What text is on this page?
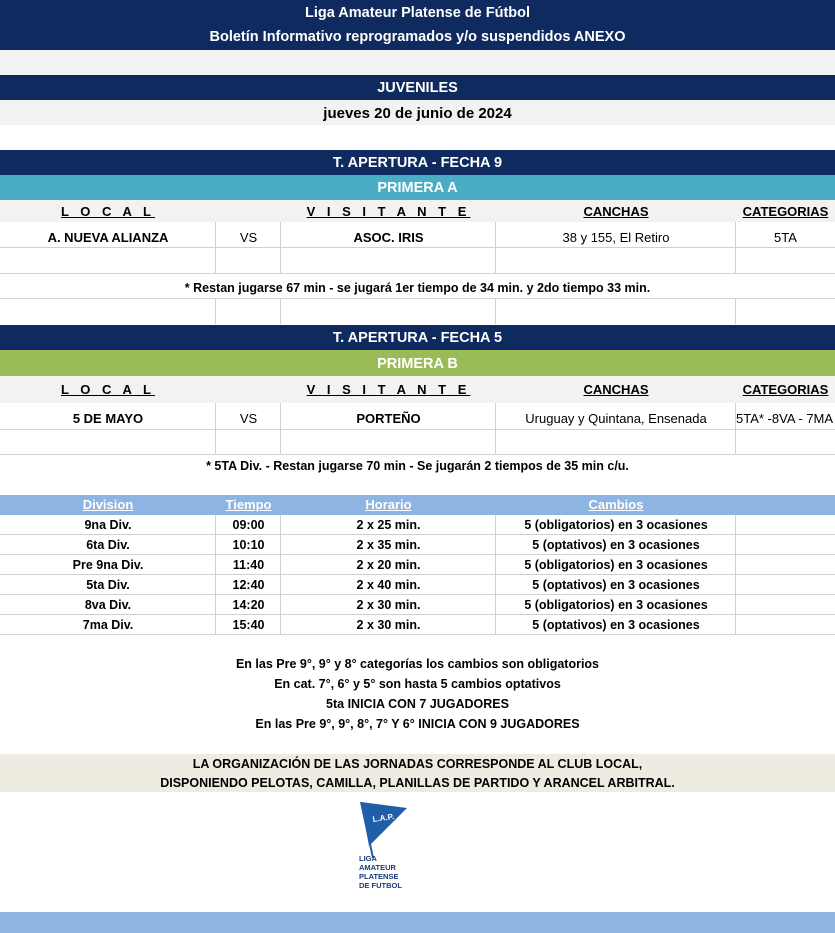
Liga Amateur Platense de Fútbol
Boletín Informativo reprogramados y/o suspendidos ANEXO
JUVENILES
jueves 20 de junio de 2024
T. APERTURA - FECHA 9
PRIMERA A
L O C A L	V I S I T A N T E	CANCHAS	CATEGORIAS
A. NUEVA ALIANZA	VS	ASOC. IRIS	38 y 155, El Retiro	5TA
* Restan jugarse 67 min - se jugará 1er tiempo de 34 min. y 2do tiempo 33 min.
T. APERTURA - FECHA 5
PRIMERA B
L O C A L	V I S I T A N T E	CANCHAS	CATEGORIAS
5 DE MAYO	VS	PORTEÑO	Uruguay y Quintana, Ensenada	5TA* -8VA - 7MA
* 5TA Div. - Restan jugarse 70 min - Se jugarán 2 tiempos de 35 min c/u.
Division	Tiempo	Horario	Cambios
9na Div.	09:00	2 x 25 min.	5 (obligatorios) en 3 ocasiones
6ta Div.	10:10	2 x 35 min.	5 (optativos) en 3 ocasiones
Pre 9na Div.	11:40	2 x 20 min.	5 (obligatorios) en 3 ocasiones
5ta Div.	12:40	2 x 40 min.	5 (optativos) en 3 ocasiones
8va Div.	14:20	2 x 30 min.	5 (obligatorios) en 3 ocasiones
7ma Div.	15:40	2 x 30 min.	5 (optativos) en 3 ocasiones
En las Pre 9°, 9° y 8° categorías los cambios son obligatorios
En cat. 7°, 6° y 5° son hasta 5 cambios optativos
5ta INICIA CON 7 JUGADORES
En las Pre 9°, 9°, 8°, 7° Y 6° INICIA CON 9 JUGADORES
LA ORGANIZACIÓN DE LAS JORNADAS CORRESPONDE AL CLUB LOCAL,
DISPONIENDO PELOTAS, CAMILLA, PLANILLAS DE PARTIDO Y ARANCEL ARBITRAL.
L.A.P.
LIGA
AMATEUR
PLATENSE
DE FUTBOL
